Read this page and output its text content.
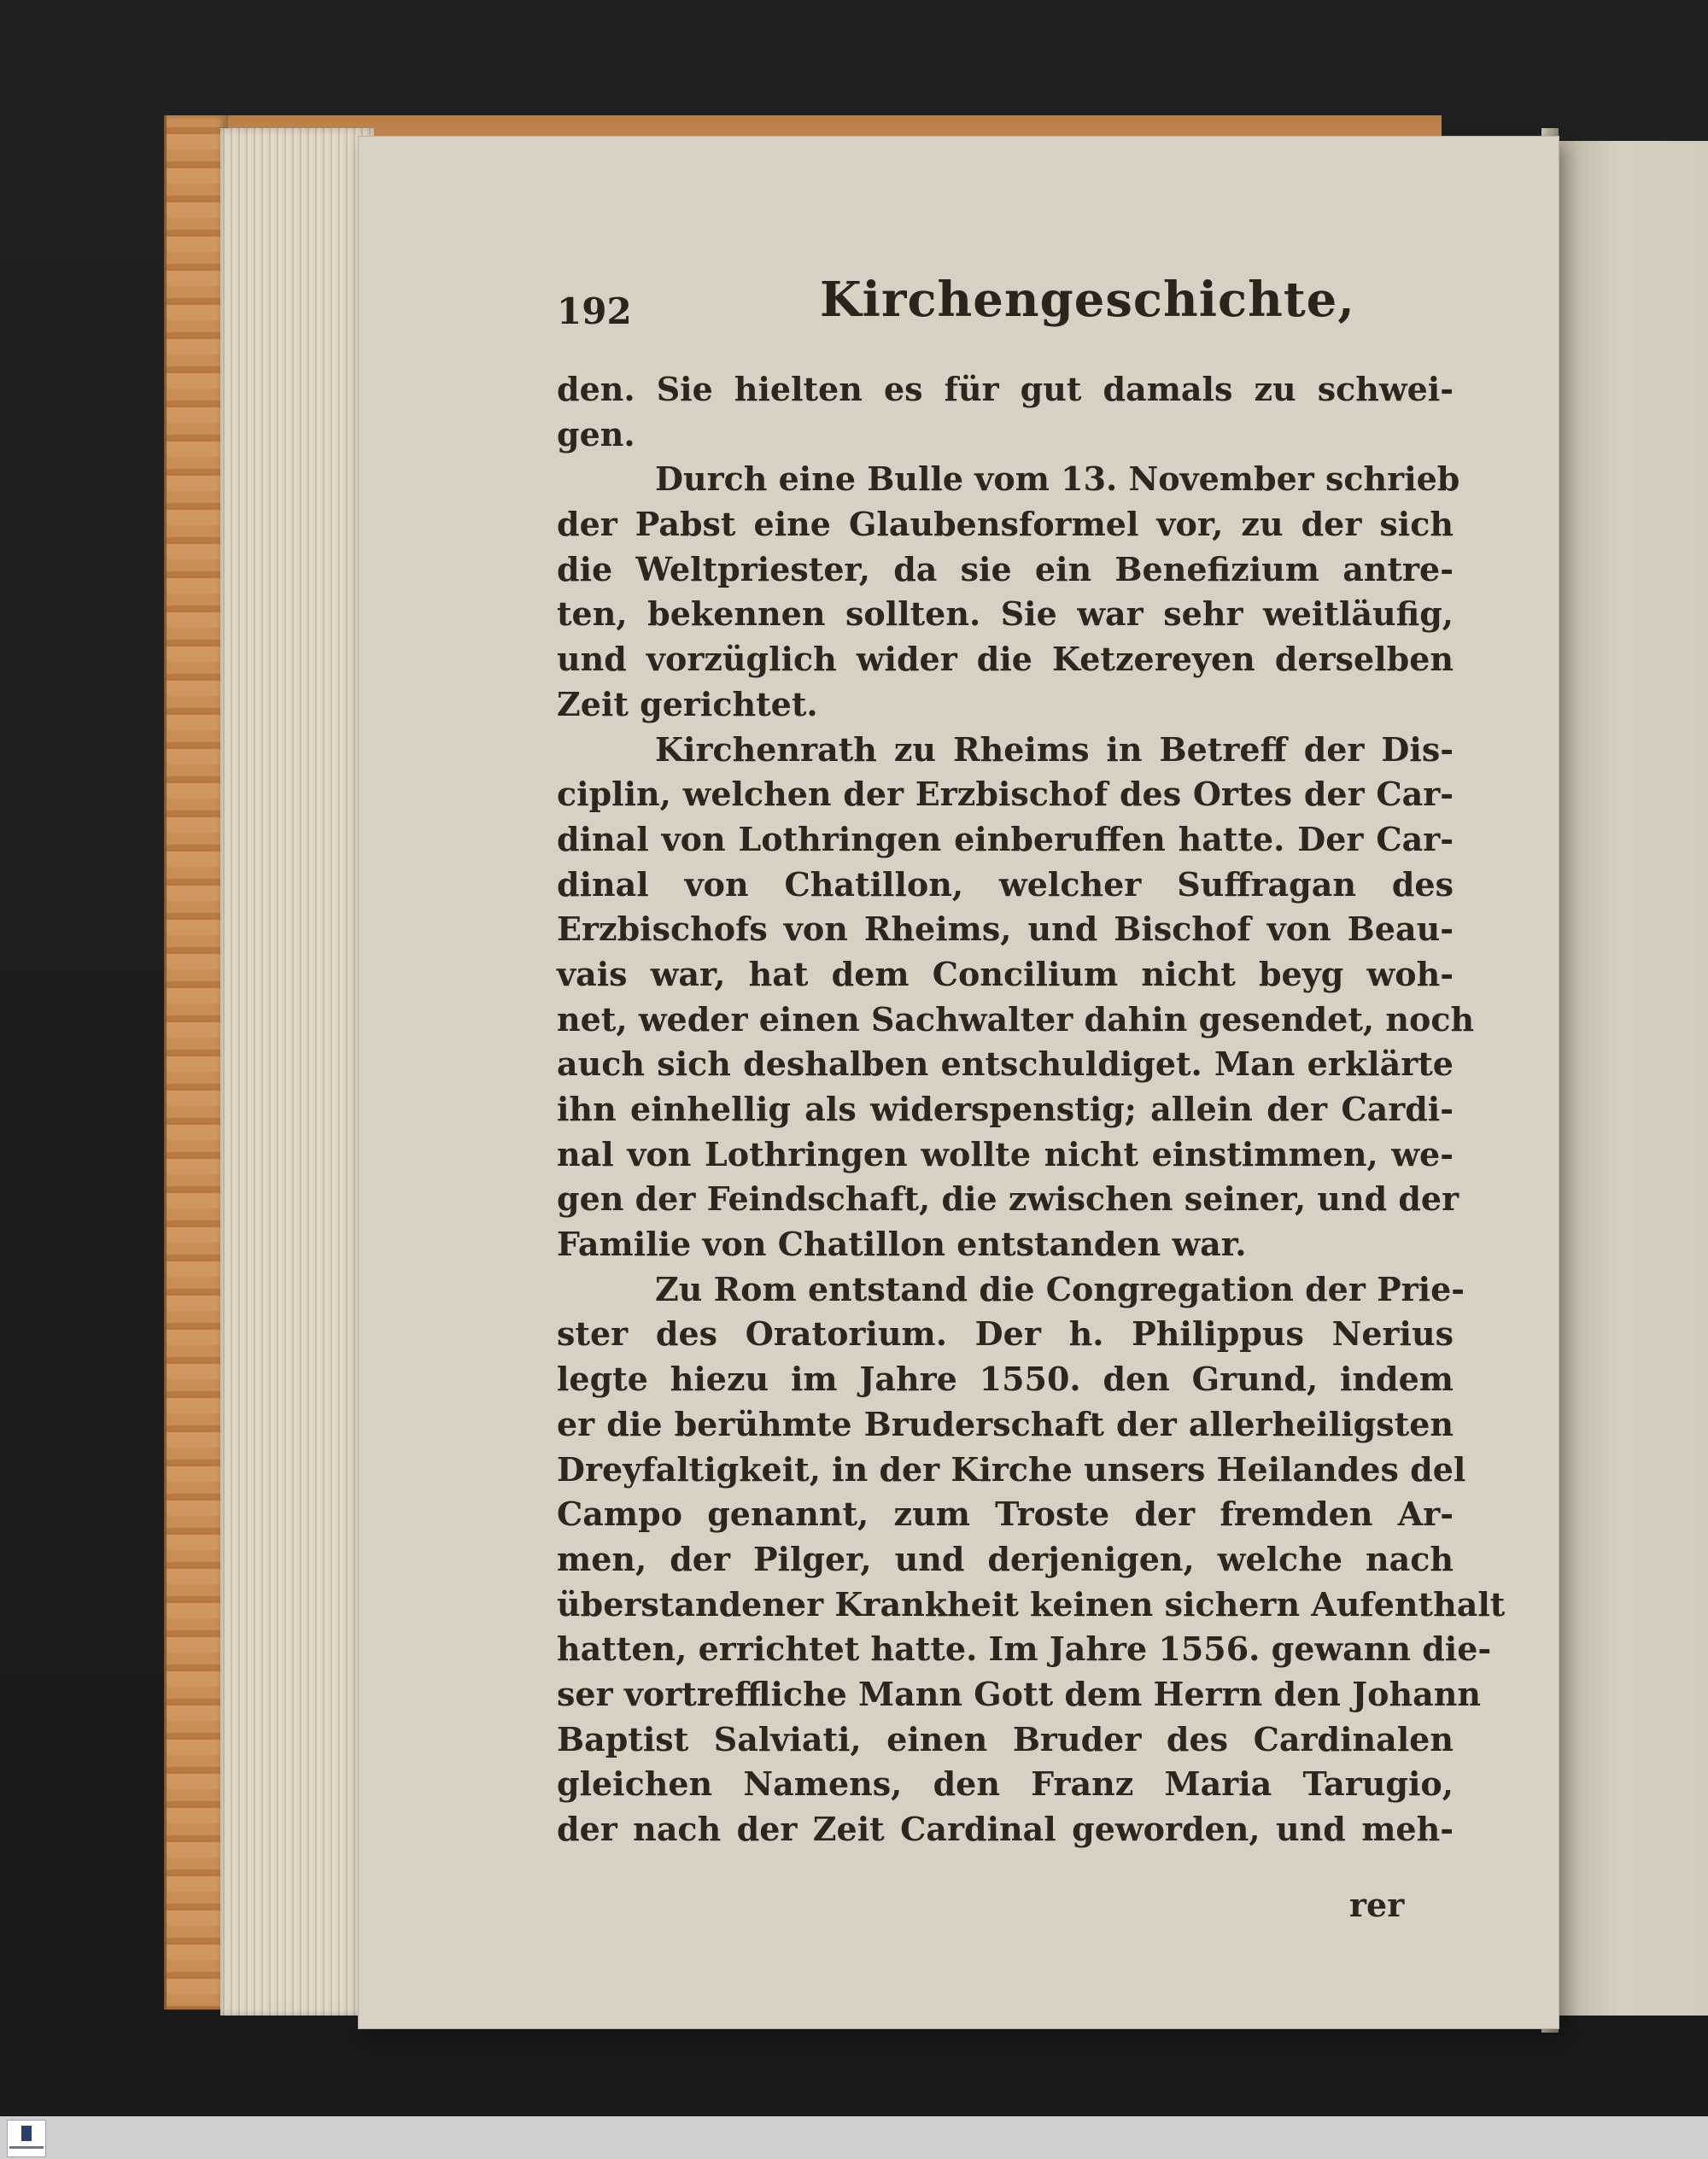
192	Kirchengeschichte,
den. Sie hielten es für gut damals zu schwei-
gen.
Durch eine Bulle vom 13. November schrieb
der Pabst eine Glaubensformel vor, zu der sich
die Weltpriester, da sie ein Benefizium antre-
ten, bekennen sollten. Sie war sehr weitläufig,
und vorzüglich wider die Ketzereyen derselben
Zeit gerichtet.
Kirchenrath zu Rheims in Betreff der Dis-
ciplin, welchen der Erzbischof des Ortes der Car-
dinal von Lothringen einberuffen hatte. Der Car-
dinal von Chatillon, welcher Suffragan des
Erzbischofs von Rheims, und Bischof von Beau-
vais war, hat dem Concilium nicht beyg woh-
net, weder einen Sachwalter dahin gesendet, noch
auch sich deshalben entschuldiget. Man erklärte
ihn einhellig als widerspenstig; allein der Cardi-
nal von Lothringen wollte nicht einstimmen, we-
gen der Feindschaft, die zwischen seiner, und der
Familie von Chatillon entstanden war.
Zu Rom entstand die Congregation der Prie-
ster des Oratorium. Der h. Philippus Nerius
legte hiezu im Jahre 1550. den Grund, indem
er die berühmte Bruderschaft der allerheiligsten
Dreyfaltigkeit, in der Kirche unsers Heilandes del
Campo genannt, zum Troste der fremden Ar-
men, der Pilger, und derjenigen, welche nach
überstandener Krankheit keinen sichern Aufenthalt
hatten, errichtet hatte. Im Jahre 1556. gewann die-
ser vortreffliche Mann Gott dem Herrn den Johann
Baptist Salviati, einen Bruder des Cardinalen
gleichen Namens, den Franz Maria Tarugio,
der nach der Zeit Cardinal geworden, und meh-
rer
